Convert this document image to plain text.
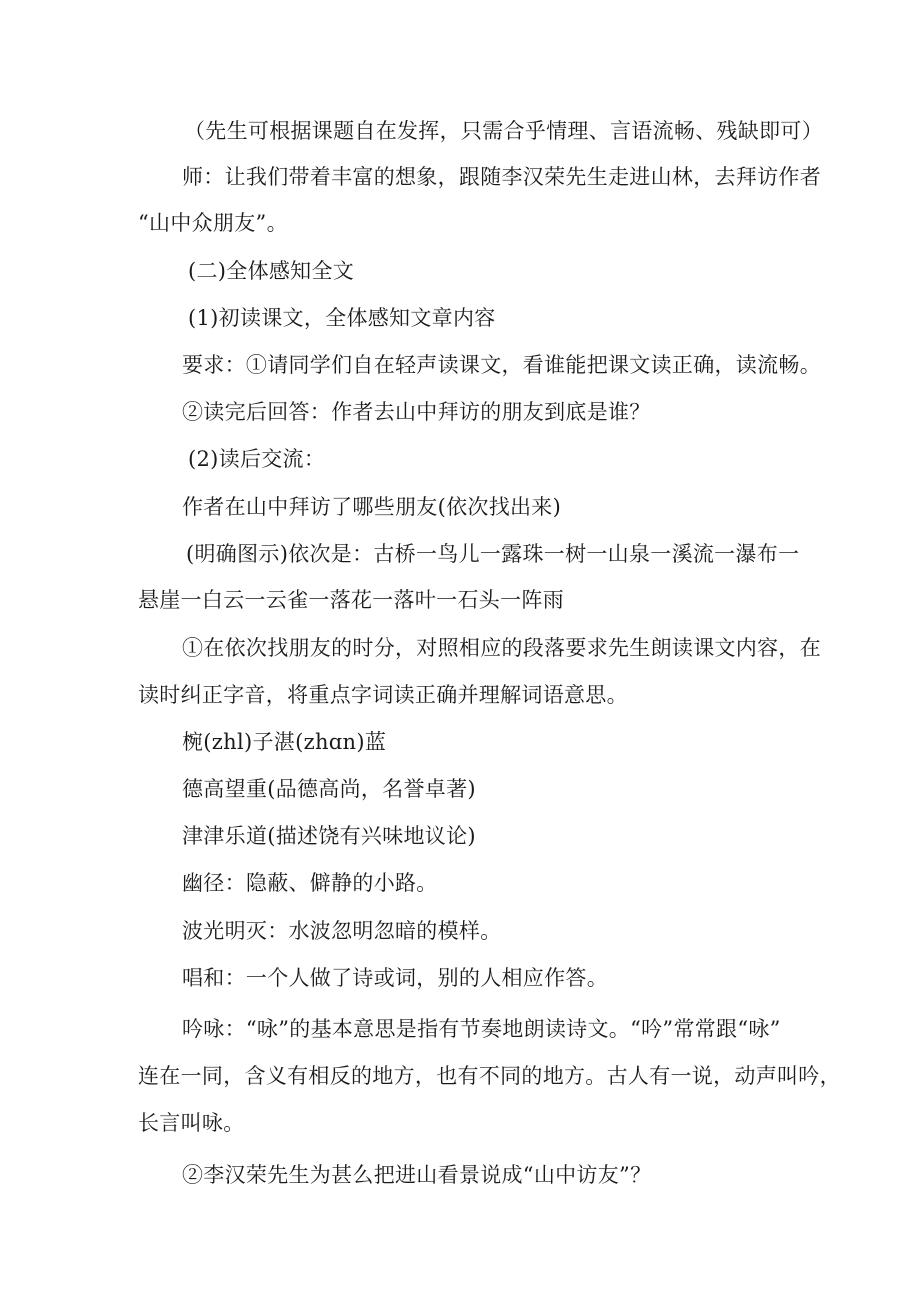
（先生可根据课题自在发挥，只需合乎情理、言语流畅、残缺即可）
师：让我们带着丰富的想象，跟随李汉荣先生走进山林，去拜访作者
“山中众朋友”。
(二)全体感知全文
(1)初读课文，全体感知文章内容
要求：①请同学们自在轻声读课文，看谁能把课文读正确，读流畅。
②读完后回答：作者去山中拜访的朋友到底是谁？
(2)读后交流：
作者在山中拜访了哪些朋友(依次找出来)
(明确图示)依次是：古桥一鸟儿一露珠一树一山泉一溪流一瀑布一
悬崖一白云一云雀一落花一落叶一石头一阵雨
①在依次找朋友的时分，对照相应的段落要求先生朗读课文内容，在
读时纠正字音，将重点字词读正确并理解词语意思。
椀(zhl)子湛(zhɑn)蓝
德高望重(品德高尚，名誉卓著)
津津乐道(描述饶有兴味地议论)
幽径：隐蔽、僻静的小路。
波光明灭：水波忽明忽暗的模样。
唱和：一个人做了诗或词，别的人相应作答。
吟咏：“咏”的基本意思是指有节奏地朗读诗文。“吟”常常跟“咏”
连在一同，含义有相反的地方，也有不同的地方。古人有一说，动声叫吟，
长言叫咏。
②李汉荣先生为甚么把进山看景说成“山中访友”？
